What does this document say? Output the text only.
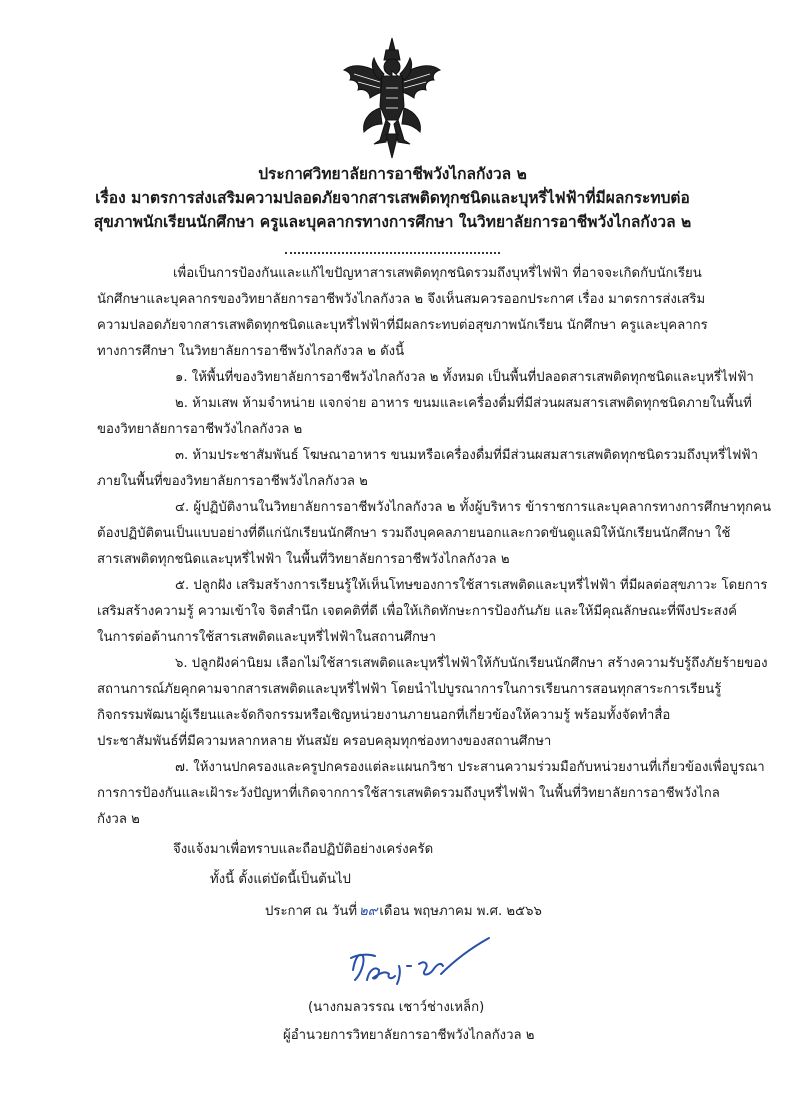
ประกาศวิทยาลัยการอาชีพวังไกลกังวล ๒
เรื่อง มาตรการส่งเสริมความปลอดภัยจากสารเสพติดทุกชนิดและบุหรี่ไฟฟ้าที่มีผลกระทบต่อ
สุขภาพนักเรียนนักศึกษา ครูและบุคลากรทางการศึกษา ในวิทยาลัยการอาชีพวังไกลกังวล ๒
เพื่อเป็นการป้องกันและแก้ไขปัญหาสารเสพติดทุกชนิดรวมถึงบุหรี่ไฟฟ้า ที่อาจจะเกิดกับนักเรียน
นักศึกษาและบุคลากรของวิทยาลัยการอาชีพวังไกลกังวล ๒ จึงเห็นสมควรออกประกาศ เรื่อง มาตรการส่งเสริม
ความปลอดภัยจากสารเสพติดทุกชนิดและบุหรี่ไฟฟ้าที่มีผลกระทบต่อสุขภาพนักเรียน นักศึกษา ครูและบุคลากร
ทางการศึกษา ในวิทยาลัยการอาชีพวังไกลกังวล ๒ ดังนี้
๑. ให้พื้นที่ของวิทยาลัยการอาชีพวังไกลกังวล ๒ ทั้งหมด เป็นพื้นที่ปลอดสารเสพติดทุกชนิดและบุหรี่ไฟฟ้า
๒. ห้ามเสพ ห้ามจำหน่าย แจกจ่าย อาหาร ขนมและเครื่องดื่มที่มีส่วนผสมสารเสพติดทุกชนิดภายในพื้นที่
ของวิทยาลัยการอาชีพวังไกลกังวล ๒
๓. ห้ามประชาสัมพันธ์ โฆษณาอาหาร ขนมหรือเครื่องดื่มที่มีส่วนผสมสารเสพติดทุกชนิดรวมถึงบุหรี่ไฟฟ้า
ภายในพื้นที่ของวิทยาลัยการอาชีพวังไกลกังวล ๒
๔. ผู้ปฏิบัติงานในวิทยาลัยการอาชีพวังไกลกังวล ๒ ทั้งผู้บริหาร ข้าราชการและบุคลากรทางการศึกษาทุกคน
ต้องปฏิบัติตนเป็นแบบอย่างที่ดีแก่นักเรียนนักศึกษา รวมถึงบุคคลภายนอกและกวดขันดูแลมิให้นักเรียนนักศึกษา ใช้
สารเสพติดทุกชนิดและบุหรี่ไฟฟ้า ในพื้นที่วิทยาลัยการอาชีพวังไกลกังวล ๒
๕. ปลูกฝัง เสริมสร้างการเรียนรู้ให้เห็นโทษของการใช้สารเสพติดและบุหรี่ไฟฟ้า ที่มีผลต่อสุขภาวะ โดยการ
เสริมสร้างความรู้ ความเข้าใจ จิตสำนึก เจตคติที่ดี เพื่อให้เกิดทักษะการป้องกันภัย และให้มีคุณลักษณะที่พึงประสงค์
ในการต่อต้านการใช้สารเสพติดและบุหรี่ไฟฟ้าในสถานศึกษา
๖. ปลูกฝังค่านิยม เลือกไม่ใช้สารเสพติดและบุหรี่ไฟฟ้าให้กับนักเรียนนักศึกษา สร้างความรับรู้ถึงภัยร้ายของ
สถานการณ์ภัยคุกคามจากสารเสพติดและบุหรี่ไฟฟ้า โดยนำไปบูรณาการในการเรียนการสอนทุกสาระการเรียนรู้
กิจกรรมพัฒนาผู้เรียนและจัดกิจกรรมหรือเชิญหน่วยงานภายนอกที่เกี่ยวข้องให้ความรู้ พร้อมทั้งจัดทำสื่อ
ประชาสัมพันธ์ที่มีความหลากหลาย ทันสมัย ครอบคลุมทุกช่องทางของสถานศึกษา
๗. ให้งานปกครองและครูปกครองแต่ละแผนกวิชา ประสานความร่วมมือกับหน่วยงานที่เกี่ยวข้องเพื่อบูรณา
การการป้องกันและเฝ้าระวังปัญหาที่เกิดจากการใช้สารเสพติดรวมถึงบุหรี่ไฟฟ้า ในพื้นที่วิทยาลัยการอาชีพวังไกล
กังวล ๒
จึงแจ้งมาเพื่อทราบและถือปฏิบัติอย่างเคร่งครัด
ทั้งนี้ ตั้งแต่บัดนี้เป็นต้นไป
ประกาศ ณ วันที่ ๒๙ เดือน พฤษภาคม พ.ศ. ๒๕๖๖
(นางกมลวรรณ เชาว์ช่างเหล็ก)
ผู้อำนวยการวิทยาลัยการอาชีพวังไกลกังวล ๒
